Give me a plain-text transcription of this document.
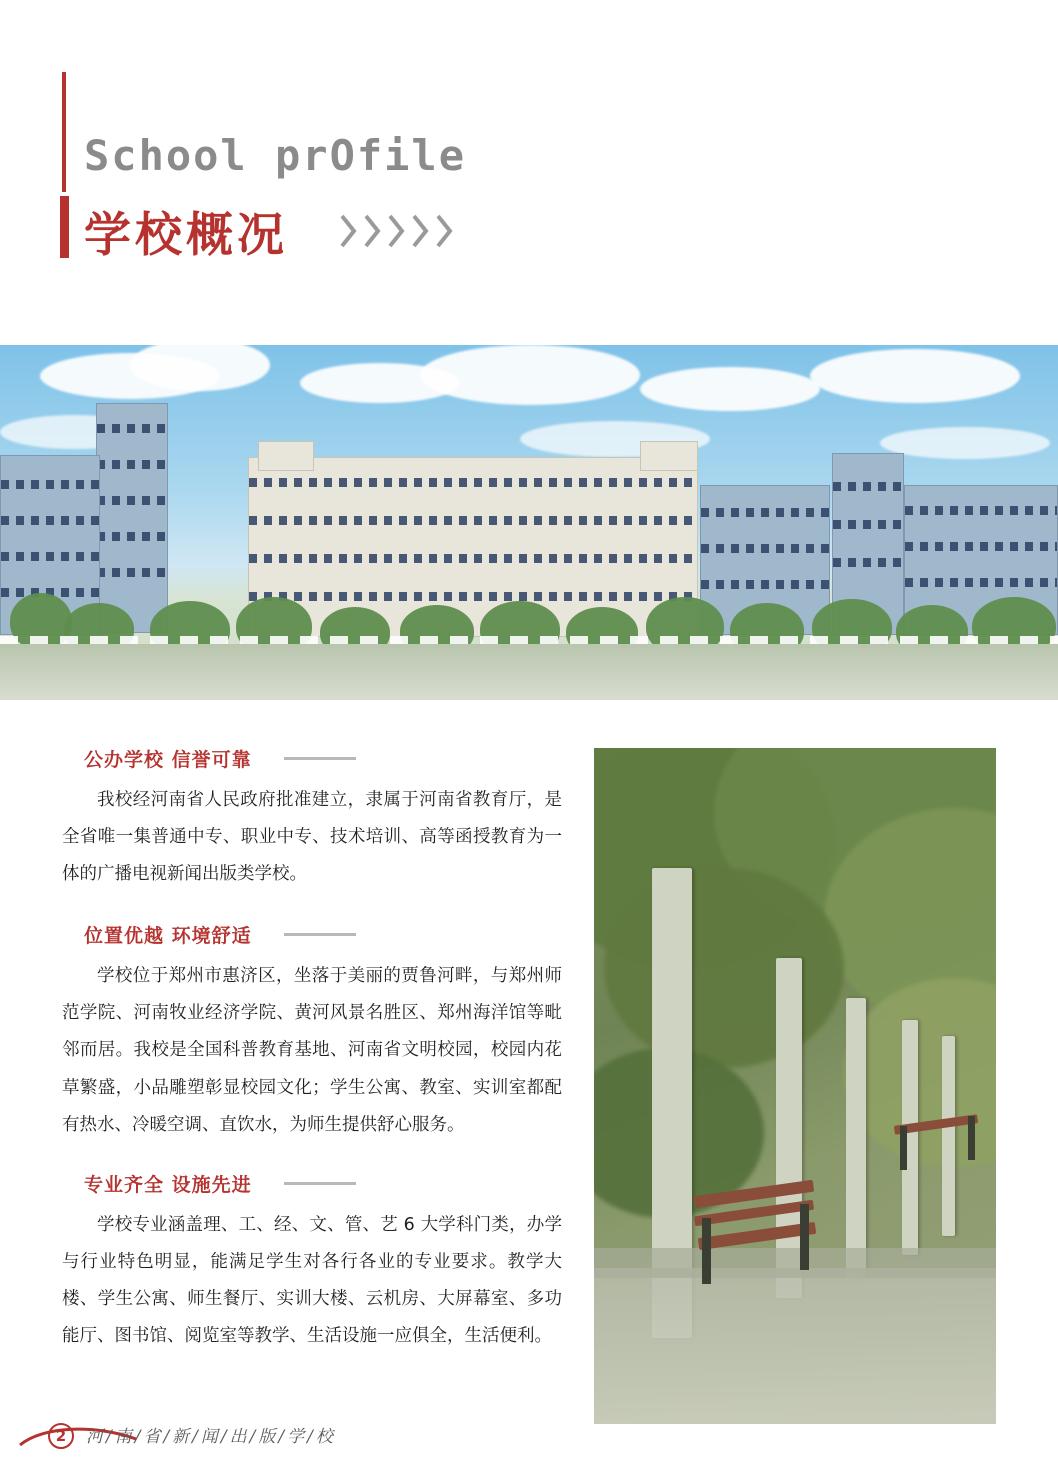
School prOfile
学校概况
公办学校 信誉可靠

我校经河南省人民政府批准建立，隶属于河南省教育厅，是全省唯一集普通中专、职业中专、技术培训、高等函授教育为一体的广播电视新闻出版类学校。

位置优越 环境舒适

学校位于郑州市惠济区，坐落于美丽的贾鲁河畔，与郑州师范学院、河南牧业经济学院、黄河风景名胜区、郑州海洋馆等毗邻而居。我校是全国科普教育基地、河南省文明校园，校园内花草繁盛，小品雕塑彰显校园文化；学生公寓、教室、实训室都配有热水、冷暖空调、直饮水，为师生提供舒心服务。

专业齐全 设施先进

学校专业涵盖理、工、经、文、管、艺 6 大学科门类，办学与行业特色明显，能满足学生对各行各业的专业要求。教学大楼、学生公寓、师生餐厅、实训大楼、云机房、大屏幕室、多功能厅、图书馆、阅览室等教学、生活设施一应俱全，生活便利。

2	河/南/省/新/闻/出/版/学/校
